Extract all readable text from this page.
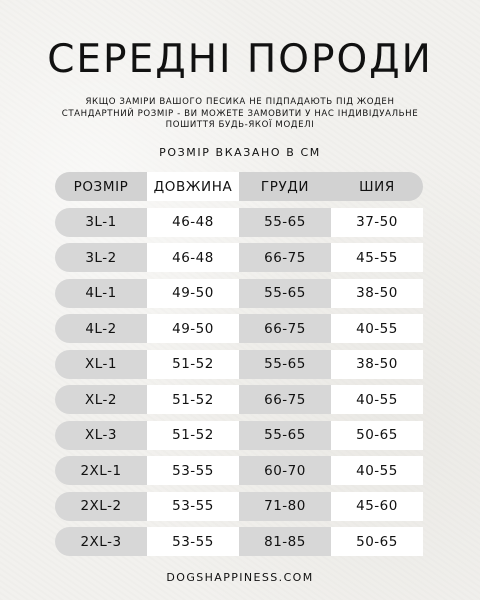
СЕРЕДНІ ПОРОДИ

ЯКЩО ЗАМІРИ ВАШОГО ПЕСИКА НЕ ПІДПАДАЮТЬ ПІД ЖОДЕН
СТАНДАРТНИЙ РОЗМІР - ВИ МОЖЕТЕ ЗАМОВИТИ У НАС ІНДИВІДУАЛЬНЕ
ПОШИТТЯ БУДЬ-ЯКОЇ МОДЕЛІ

РОЗМІР ВКАЗАНО В СМ

РОЗМІР	ДОВЖИНА	ГРУДИ	ШИЯ
3L-1	46-48	55-65	37-50
3L-2	46-48	66-75	45-55
4L-1	49-50	55-65	38-50
4L-2	49-50	66-75	40-55
XL-1	51-52	55-65	38-50
XL-2	51-52	66-75	40-55
XL-3	51-52	55-65	50-65
2XL-1	53-55	60-70	40-55
2XL-2	53-55	71-80	45-60
2XL-3	53-55	81-85	50-65

DOGSHAPPINESS.COM
